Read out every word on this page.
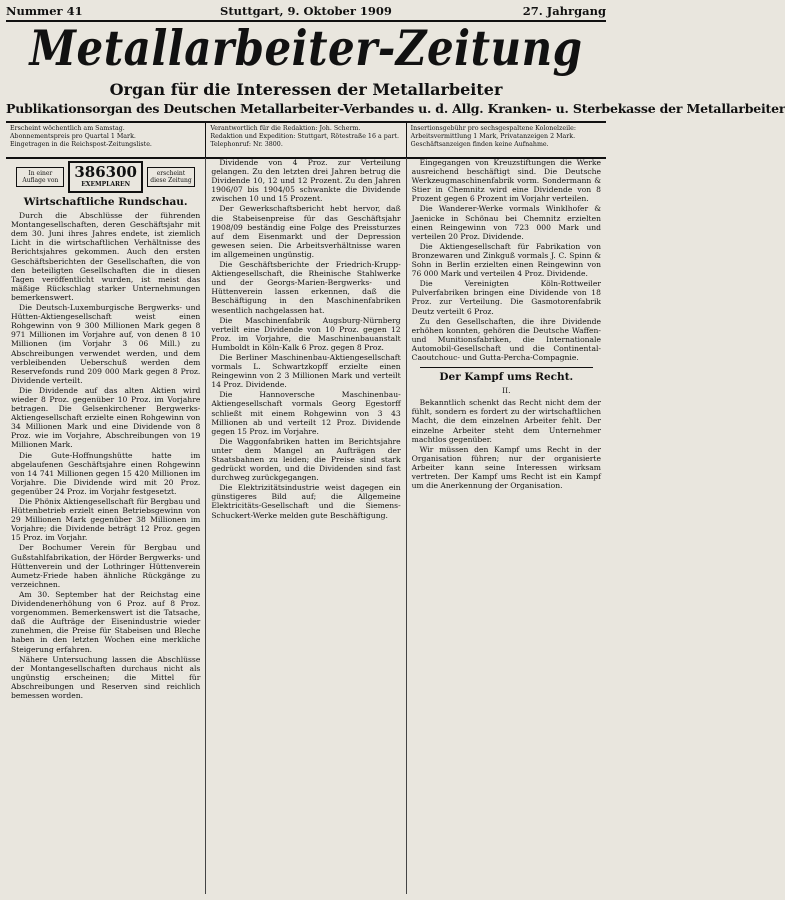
Nummer 41	Stuttgart, 9. Oktober 1909	27. Jahrgang
Metallarbeiter-Zeitung
Organ für die Interessen der Metallarbeiter
Publikationsorgan des Deutschen Metallarbeiter-Verbandes u. d. Allg. Kranken- u. Sterbekasse der Metallarbeiter
Erscheint wöchentlich am Samstag.
Abonnementspreis pro Quartal 1 Mark.
Eingetragen in die Reichspost-Zeitungsliste.
Verantwortlich für die Redaktion: Joh. Scherm.
Redaktion und Expedition: Stuttgart, Rötestraße 16 a part.
Telephonruf: Nr. 3800.
Insertionsgebühr pro sechsgespaltene Kolonelzeile:
Arbeitsvermittlung 1 Mark, Privatanzeigen 2 Mark.
Geschäftsanzeigen finden keine Aufnahme.
In einer Auflage von	386300
EXEMPLAREN
erscheint diese Zeitung
Wirtschaftliche Rundschau.

Durch die Abschlüsse der führenden Montangesellschaften, deren Geschäftsjahr mit dem 30. Juni ihres Jahres endete, ist ziemlich Licht in die wirtschaftlichen Verhältnisse des Berichtsjahres gekommen. Auch den ersten Geschäftsberichten der Gesellschaften, die von den beteiligten Gesellschaften die in diesen Tagen veröffentlicht wurden, ist meist das mäßige Rückschlag starker Unternehmungen bemerkenswert.

Die Deutsch-Luxemburgische Bergwerks- und Hütten-Aktiengesellschaft weist einen Rohgewinn von 9 300 Millionen Mark gegen 8 971 Millionen im Vorjahre auf, von denen 8 10 Millionen (im Vorjahr 3 06 Mill.) zu Abschreibungen verwendet werden, und dem verbleibenden Ueberschuß werden dem Reservefonds rund 209 000 Mark gegen 8 Proz. Dividende verteilt.

Die Dividende auf das alten Aktien wird wieder 8 Proz. gegenüber 10 Proz. im Vorjahre betragen. Die Gelsenkirchener Bergwerks-Aktiengesellschaft erzielte einen Rohgewinn von 34 Millionen Mark und eine Dividende von 8 Proz. wie im Vorjahre, Abschreibungen von 19 Millionen Mark.

Die Gute-Hoffnungshütte hatte im abgelaufenen Geschäftsjahre einen Rohgewinn von 14 741 Millionen gegen 15 420 Millionen im Vorjahre. Die Dividende wird mit 20 Proz. gegenüber 24 Proz. im Vorjahr festgesetzt.

Die Phönix Aktiengesellschaft für Bergbau und Hüttenbetrieb erzielt einen Betriebsgewinn von 29 Millionen Mark gegenüber 38 Millionen im Vorjahre; die Dividende beträgt 12 Proz. gegen 15 Proz. im Vorjahr.

Der Bochumer Verein für Bergbau und Gußstahlfabrikation, der Hörder Bergwerks- und Hüttenverein und der Lothringer Hüttenverein Aumetz-Friede haben ähnliche Rückgänge zu verzeichnen.

Am 30. September hat der Reichstag eine Dividendenerhöhung von 6 Proz. auf 8 Proz. vorgenommen. Bemerkenswert ist die Tatsache, daß die Aufträge der Eisenindustrie wieder zunehmen, die Preise für Stabeisen und Bleche haben in den letzten Wochen eine merkliche Steigerung erfahren.

Nähere Untersuchung lassen die Abschlüsse der Montangesellschaften durchaus nicht als ungünstig erscheinen; die Mittel für Abschreibungen und Reserven sind reichlich bemessen worden.

Dividende von 4 Proz. zur Verteilung gelangen. Zu den letzten drei Jahren betrug die Dividende 10, 12 und 12 Prozent. Zu den Jahren 1906/07 bis 1904/05 schwankte die Dividende zwischen 10 und 15 Prozent.

Der Gewerkschaftsbericht hebt hervor, daß die Stabeisenpreise für das Geschäftsjahr 1908/09 beständig eine Folge des Preissturzes auf dem Eisenmarkt und der Depression gewesen seien. Die Arbeitsverhältnisse waren im allgemeinen ungünstig.

Die Geschäftsberichte der Friedrich-Krupp-Aktiengesellschaft, die Rheinische Stahlwerke und der Georgs-Marien-Bergwerks- und Hüttenverein lassen erkennen, daß die Beschäftigung in den Maschinenfabriken wesentlich nachgelassen hat.

Die Maschinenfabrik Augsburg-Nürnberg verteilt eine Dividende von 10 Proz. gegen 12 Proz. im Vorjahre, die Maschinenbauanstalt Humboldt in Köln-Kalk 6 Proz. gegen 8 Proz.

Die Berliner Maschinenbau-Aktiengesellschaft vormals L. Schwartzkopff erzielte einen Reingewinn von 2 3 Millionen Mark und verteilt 14 Proz. Dividende.

Die Hannoversche Maschinenbau-Aktiengesellschaft vormals Georg Egestorff schließt mit einem Rohgewinn von 3 43 Millionen ab und verteilt 12 Proz. Dividende gegen 15 Proz. im Vorjahre.

Die Waggonfabriken hatten im Berichtsjahre unter dem Mangel an Aufträgen der Staatsbahnen zu leiden; die Preise sind stark gedrückt worden, und die Dividenden sind fast durchweg zurückgegangen.

Die Elektrizitätsindustrie weist dagegen ein günstigeres Bild auf; die Allgemeine Elektricitäts-Gesellschaft und die Siemens-Schuckert-Werke melden gute Beschäftigung.

Eingegangen von Kreuzstiftungen die Werke ausreichend beschäftigt sind. Die Deutsche Werkzeugmaschinenfabrik vorm. Sondermann & Stier in Chemnitz wird eine Dividende von 8 Prozent gegen 6 Prozent im Vorjahr verteilen.

Die Wanderer-Werke vormals Winklhofer & Jaenicke in Schönau bei Chemnitz erzielten einen Reingewinn von 723 000 Mark und verteilen 20 Proz. Dividende.

Die Aktiengesellschaft für Fabrikation von Bronzewaren und Zinkguß vormals J. C. Spinn & Sohn in Berlin erzielten einen Reingewinn von 76 000 Mark und verteilen 4 Proz. Dividende.

Die Vereinigten Köln-Rottweiler Pulverfabriken bringen eine Dividende von 18 Proz. zur Verteilung. Die Gasmotorenfabrik Deutz verteilt 6 Proz.

Zu den Gesellschaften, die ihre Dividende erhöhen konnten, gehören die Deutsche Waffen- und Munitionsfabriken, die Internationale Automobil-Gesellschaft und die Continental-Caoutchouc- und Gutta-Percha-Compagnie.

Der Kampf ums Recht.
II.

Bekanntlich schenkt das Recht nicht dem der fühlt, sondern es fordert zu der wirtschaftlichen Macht, die dem einzelnen Arbeiter fehlt. Der einzelne Arbeiter steht dem Unternehmer machtlos gegenüber.

Wir müssen den Kampf ums Recht in der Organisation führen; nur der organisierte Arbeiter kann seine Interessen wirksam vertreten. Der Kampf ums Recht ist ein Kampf um die Anerkennung der Organisation.
